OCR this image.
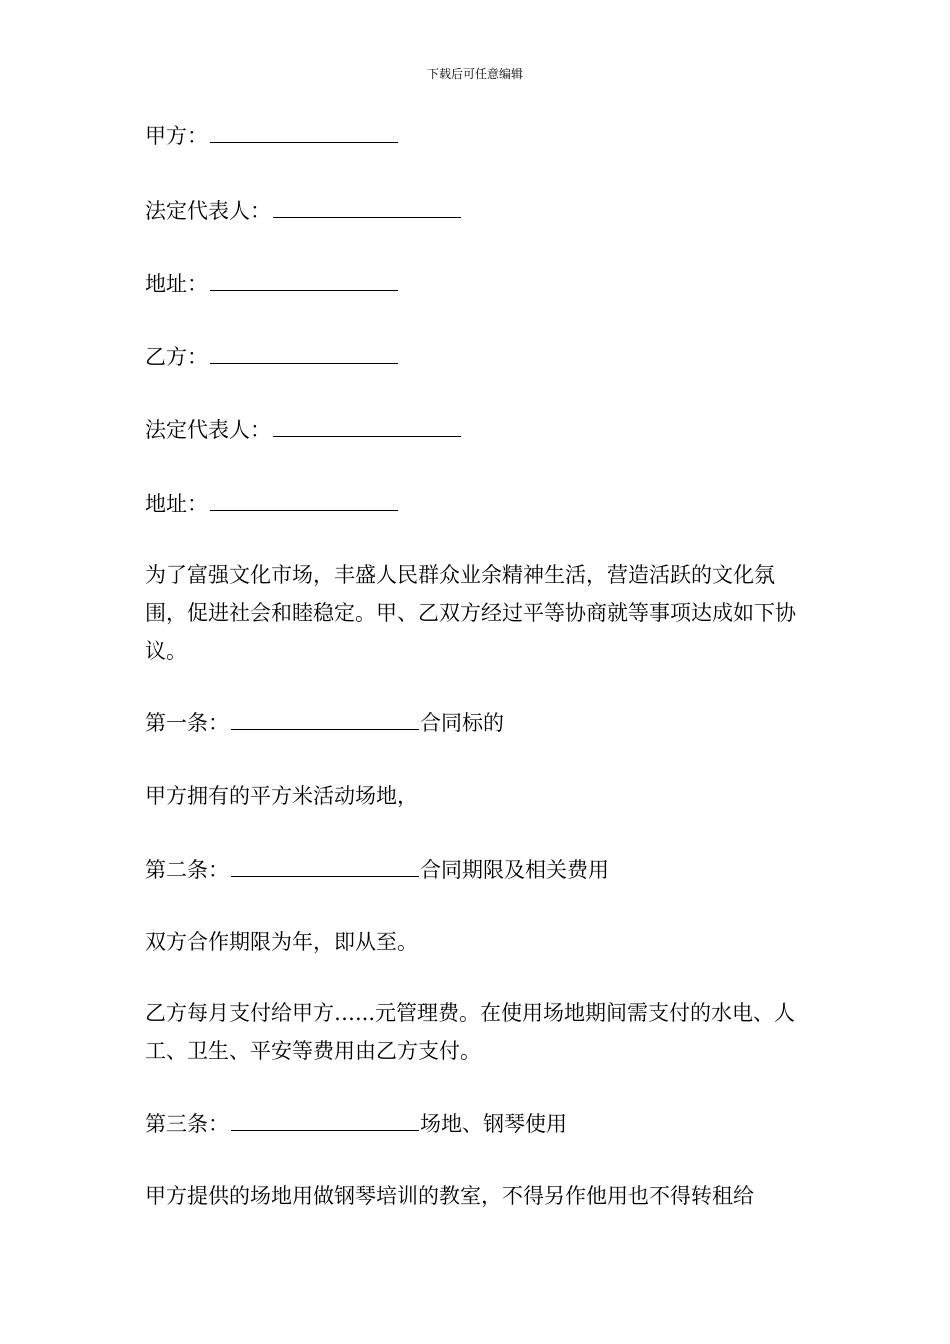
下载后可任意编辑
甲方：
法定代表人：
地址：
乙方：
法定代表人：
地址：
为了富强文化市场，丰盛人民群众业余精神生活，营造活跃的文化氛围，促进社会和睦稳定。甲、乙双方经过平等协商就等事项达成如下协议。
第一条：	合同标的
甲方拥有的平方米活动场地，
第二条：	合同期限及相关费用
双方合作期限为年，即从至。
乙方每月支付给甲方…...元管理费。在使用场地期间需支付的水电、人工、卫生、平安等费用由乙方支付。
第三条：	场地、钢琴使用
甲方提供的场地用做钢琴培训的教室，不得另作他用也不得转租给
